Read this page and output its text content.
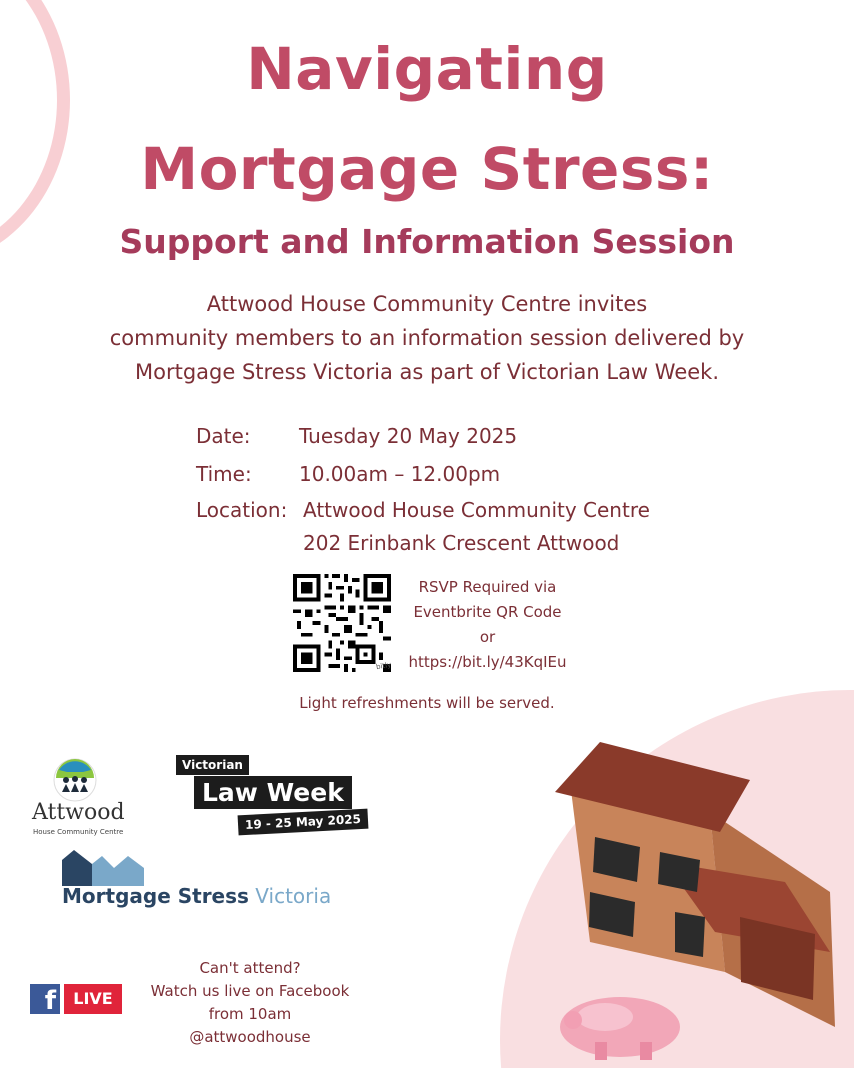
Navigating
Mortgage Stress:
Support and Information Session
Attwood House Community Centre invites
community members to an information session delivered by
Mortgage Stress Victoria as part of Victorian Law Week.
Date: Tuesday 20 May 2025
Time: 10.00am – 12.00pm
Location: Attwood House Community Centre
202 Erinbank Crescent Attwood
bitly
RSVP Required via
Eventbrite QR Code
or
https://bit.ly/43KqIEu
Light refreshments will be served.
Attwood
House Community Centre
Victorian
Law Week
19 - 25 May 2025
Mortgage Stress Victoria
Can't attend?
Watch us live on Facebook
from 10am
@attwoodhouse
f	LIVE
